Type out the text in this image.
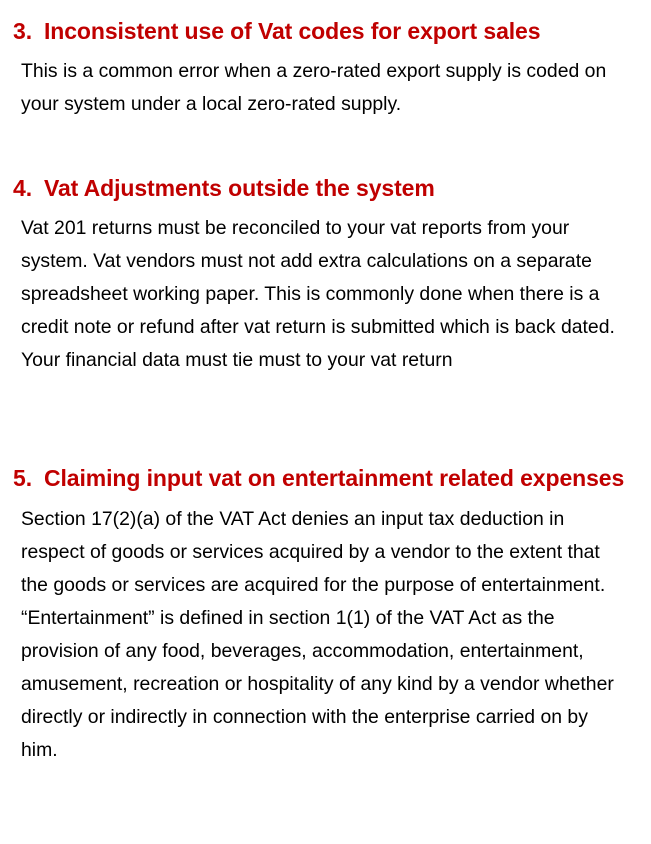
3. Inconsistent use of Vat codes for export sales

This is a common error when a zero-rated export supply is coded on your system under a local zero-rated supply.

4. Vat Adjustments outside the system

Vat 201 returns must be reconciled to your vat reports from your system. Vat vendors must not add extra calculations on a separate spreadsheet working paper. This is commonly done when there is a credit note or refund after vat return is submitted which is back dated. Your financial data must tie must to your vat return

5. Claiming input vat on entertainment related expenses

Section 17(2)(a) of the VAT Act denies an input tax deduction in respect of goods or services acquired by a vendor to the extent that the goods or services are acquired for the purpose of entertainment. “Entertainment” is defined in section 1(1) of the VAT Act as the provision of any food, beverages, accommodation, entertainment, amusement, recreation or hospitality of any kind by a vendor whether directly or indirectly in connection with the enterprise carried on by him.
